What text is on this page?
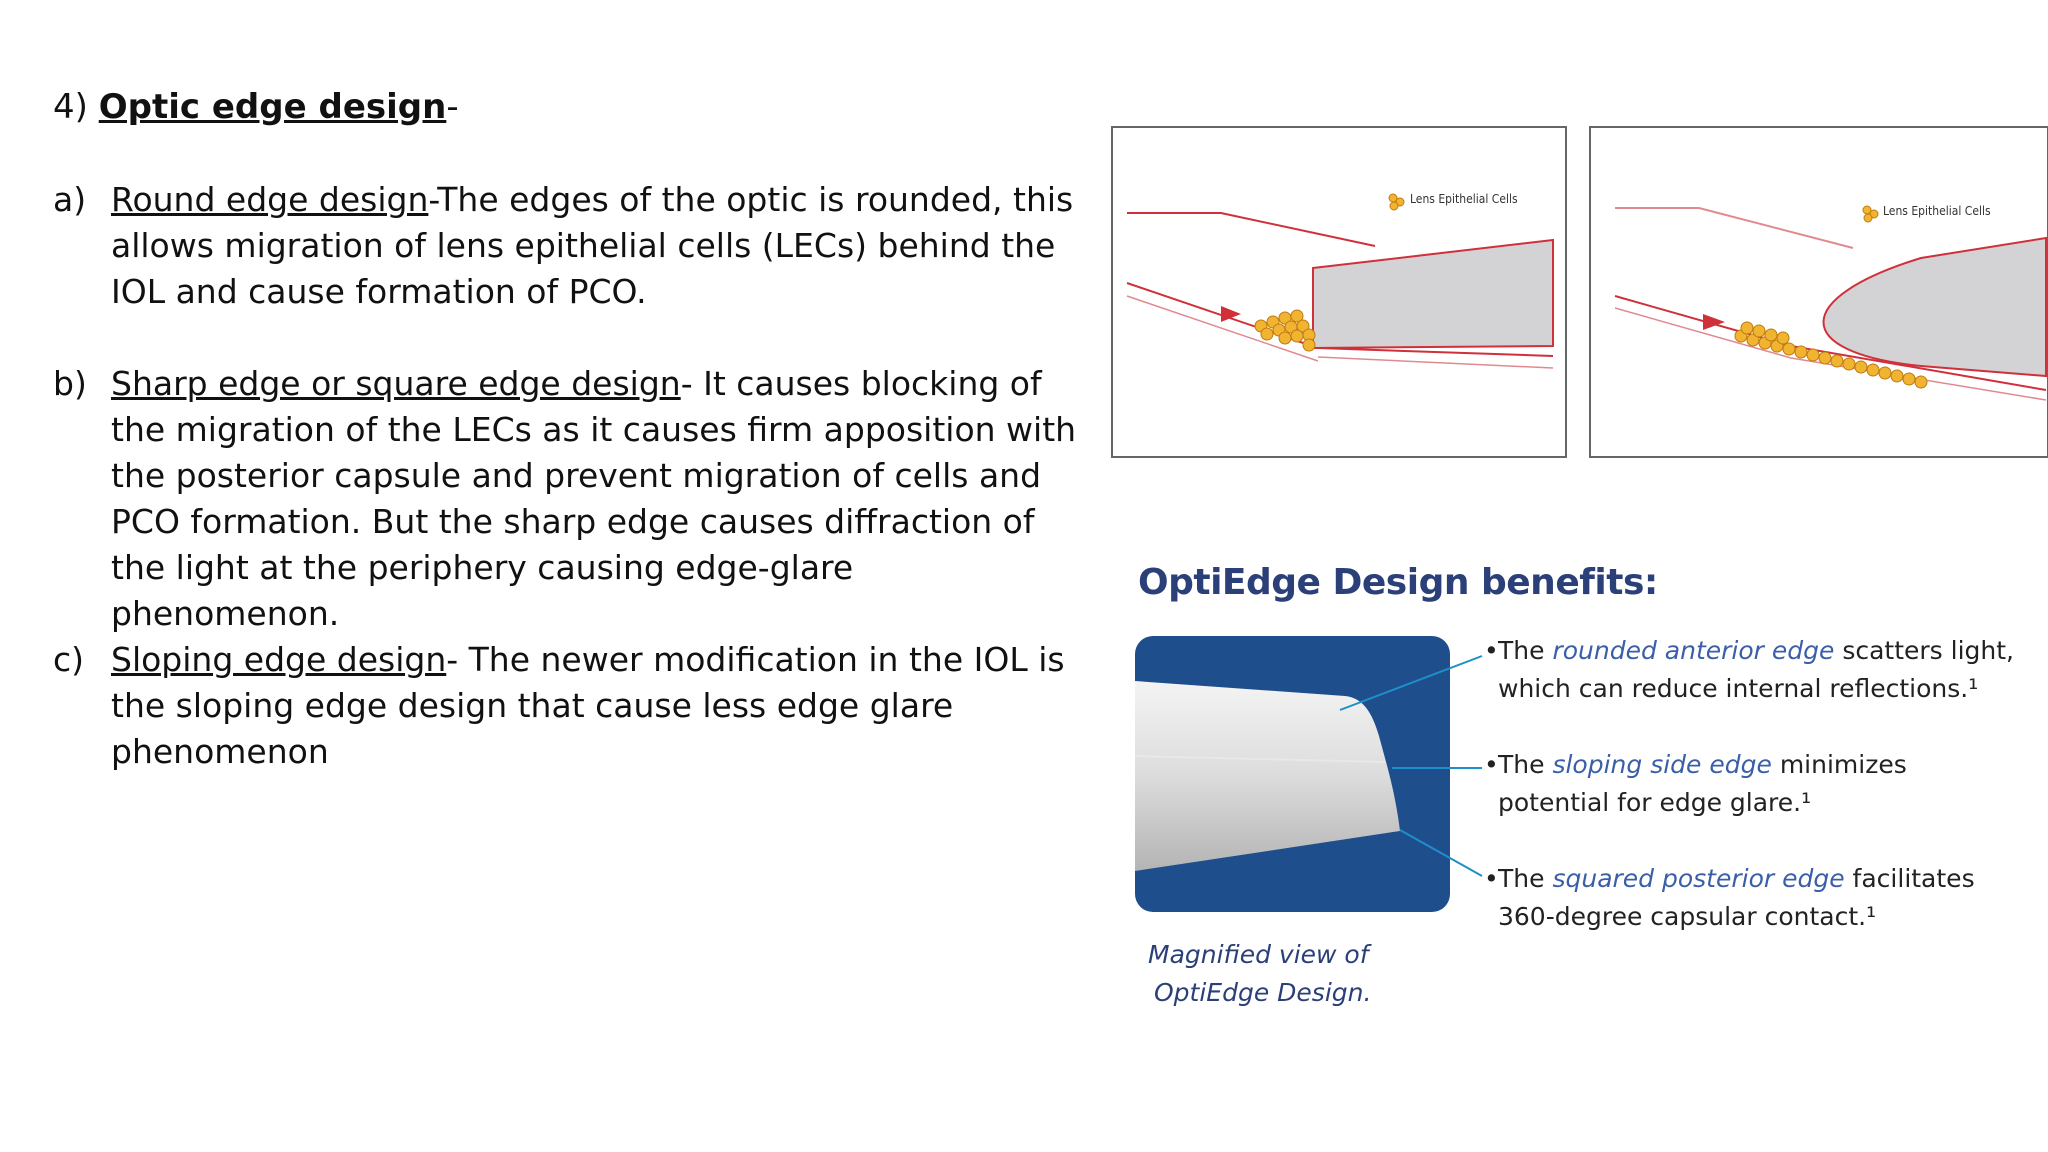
4) Optic edge design-
a) Round edge design-The edges of the optic is rounded, this allows migration of lens epithelial cells (LECs) behind the IOL and cause formation of PCO.
b) Sharp edge or square edge design- It causes blocking of the migration of the LECs as it causes firm apposition with the posterior capsule and prevent migration of cells and PCO formation. But the sharp edge causes diffraction of the light at the periphery causing edge-glare phenomenon.
c) Sloping edge design- The newer modification in the IOL is the sloping edge design that cause less edge glare phenomenon
Lens Epithelial Cells
Lens Epithelial Cells
OptiEdge Design benefits:
•The rounded anterior edge scatters light,
which can reduce internal reflections.¹
•The sloping side edge minimizes
potential for edge glare.¹
•The squared posterior edge facilitates
360-degree capsular contact.¹
Magnified view of
OptiEdge Design.
